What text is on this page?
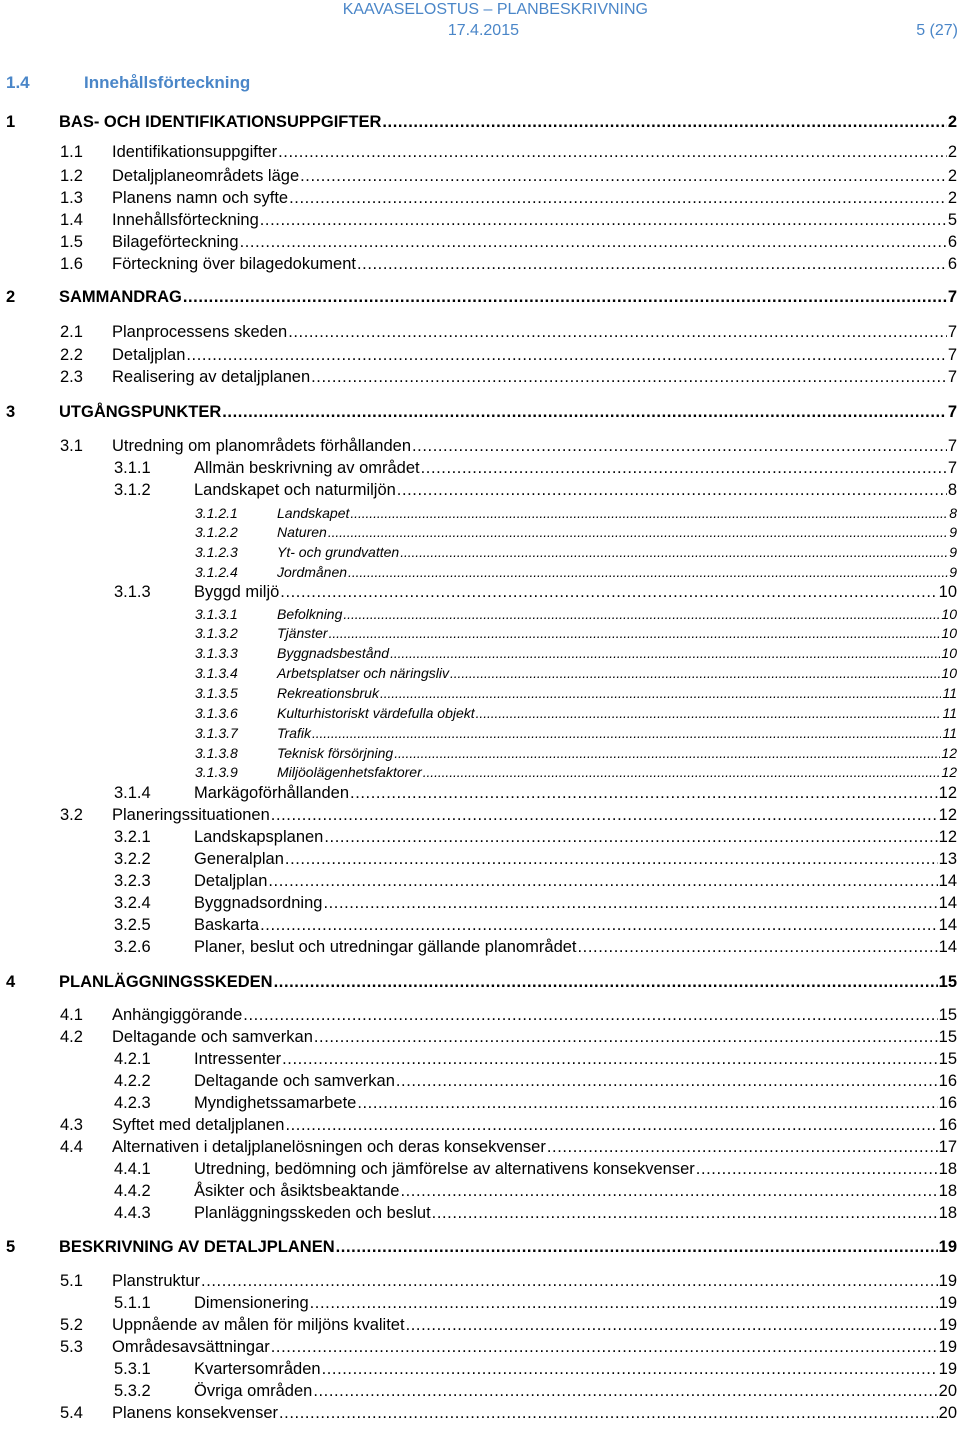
KAAVASELOSTUS – PLANBESKRIVNING
17.4.2015	5 (27)
1.4	Innehållsförteckning
1	BAS- OCH IDENTIFIKATIONSUPPGIFTER . . .	2
1.1	Identifikationsuppgifter . . .	2
1.2	Detaljplaneområdets läge . . .	2
1.3	Planens namn och syfte . . .	2
1.4	Innehållsförteckning . . .	5
1.5	Bilageförteckning . . .	6
1.6	Förteckning över bilagedokument . . .	6
2	SAMMANDRAG . . .	7
2.1	Planprocessens skeden . . .	7
2.2	Detaljplan . . .	7
2.3	Realisering av detaljplanen . . .	7
3	UTGÅNGSPUNKTER . . .	7
3.1	Utredning om planområdets förhållanden . . .	7
3.1.1	Allmän beskrivning av området . . .	7
3.1.2	Landskapet och naturmiljön . . .	8
3.1.2.1	Landskapet . . .	8
3.1.2.2	Naturen . . .	9
3.1.2.3	Yt- och grundvatten . . .	9
3.1.2.4	Jordmånen . . .	9
3.1.3	Byggd miljö . . .	10
3.1.3.1	Befolkning . . .	10
3.1.3.2	Tjänster . . .	10
3.1.3.3	Byggnadsbestånd . . .	10
3.1.3.4	Arbetsplatser och näringsliv . . .	10
3.1.3.5	Rekreationsbruk . . .	11
3.1.3.6	Kulturhistoriskt värdefulla objekt . . .	11
3.1.3.7	Trafik . . .	11
3.1.3.8	Teknisk försörjning . . .	12
3.1.3.9	Miljöolägenhetsfaktorer . . .	12
3.1.4	Markägoförhållanden . . .	12
3.2	Planeringssituationen . . .	12
3.2.1	Landskapsplanen . . .	12
3.2.2	Generalplan . . .	13
3.2.3	Detaljplan . . .	14
3.2.4	Byggnadsordning . . .	14
3.2.5	Baskarta . . .	14
3.2.6	Planer, beslut och utredningar gällande planområdet . . .	14
4	PLANLÄGGNINGSSKEDEN . . .	15
4.1	Anhängiggörande . . .	15
4.2	Deltagande och samverkan . . .	15
4.2.1	Intressenter . . .	15
4.2.2	Deltagande och samverkan . . .	16
4.2.3	Myndighetssamarbete . . .	16
4.3	Syftet med detaljplanen . . .	16
4.4	Alternativen i detaljplanelösningen och deras konsekvenser . . .	17
4.4.1	Utredning, bedömning och jämförelse av alternativens konsekvenser . . .	18
4.4.2	Åsikter och åsiktsbeaktande . . .	18
4.4.3	Planläggningsskeden och beslut . . .	18
5	BESKRIVNING AV DETALJPLANEN . . .	19
5.1	Planstruktur . . .	19
5.1.1	Dimensionering . . .	19
5.2	Uppnående av målen för miljöns kvalitet . . .	19
5.3	Områdesavsättningar . . .	19
5.3.1	Kvartersområden . . .	19
5.3.2	Övriga områden . . .	20
5.4	Planens konsekvenser . . .	20
